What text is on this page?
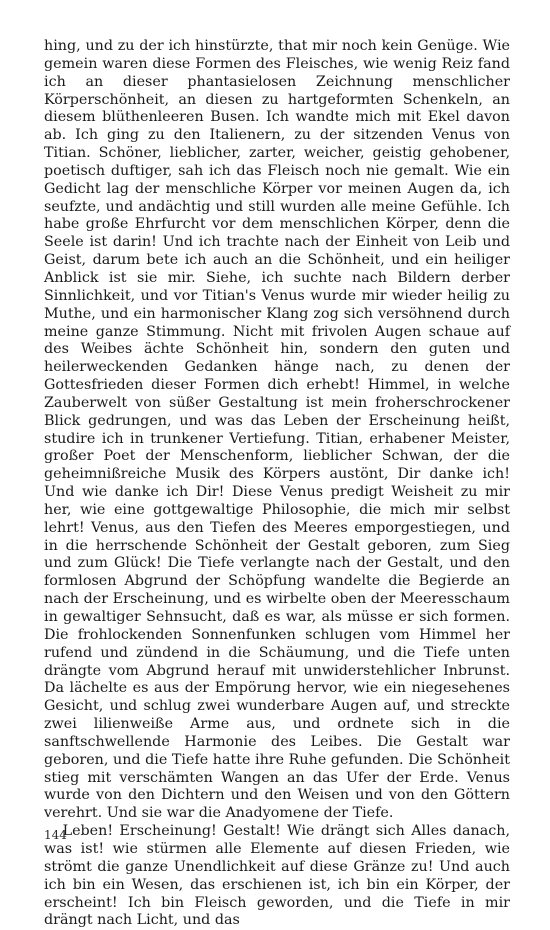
hing, und zu der ich hinstürzte, that mir noch kein Genüge. Wie gemein waren diese Formen des Fleisches, wie wenig Reiz fand ich an dieser phantasielosen Zeichnung menschlicher Körperschönheit, an diesen zu hartgeformten Schenkeln, an diesem blüthenleeren Busen. Ich wandte mich mit Ekel davon ab. Ich ging zu den Italienern, zu der sitzenden Venus von Titian. Schöner, lieblicher, zarter, weicher, geistig gehobener, poetisch duftiger, sah ich das Fleisch noch nie gemalt. Wie ein Gedicht lag der menschliche Körper vor meinen Augen da, ich seufzte, und andächtig und still wurden alle meine Gefühle. Ich habe große Ehrfurcht vor dem menschlichen Körper, denn die Seele ist darin! Und ich trachte nach der Einheit von Leib und Geist, darum bete ich auch an die Schönheit, und ein heiliger Anblick ist sie mir. Siehe, ich suchte nach Bildern derber Sinnlichkeit, und vor Titian's Venus wurde mir wieder heilig zu Muthe, und ein harmonischer Klang zog sich versöhnend durch meine ganze Stimmung. Nicht mit frivolen Augen schaue auf des Weibes ächte Schönheit hin, sondern den guten und heilerweckenden Gedanken hänge nach, zu denen der Gottesfrieden dieser Formen dich erhebt! Himmel, in welche Zauberwelt von süßer Gestaltung ist mein froherschrockener Blick gedrungen, und was das Leben der Erscheinung heißt, studire ich in trunkener Vertiefung. Titian, erhabener Meister, großer Poet der Menschenform, lieblicher Schwan, der die geheimnißreiche Musik des Körpers austönt, Dir danke ich! Und wie danke ich Dir! Diese Venus predigt Weisheit zu mir her, wie eine gottgewaltige Philosophie, die mich mir selbst lehrt! Venus, aus den Tiefen des Meeres emporgestiegen, und in die herrschende Schönheit der Gestalt geboren, zum Sieg und zum Glück! Die Tiefe verlangte nach der Gestalt, und den formlosen Abgrund der Schöpfung wandelte die Begierde an nach der Erscheinung, und es wirbelte oben der Meeresschaum in gewaltiger Sehnsucht, daß es war, als müsse er sich formen. Die frohlockenden Sonnenfunken schlugen vom Himmel her rufend und zündend in die Schäumung, und die Tiefe unten drängte vom Abgrund herauf mit unwiderstehlicher Inbrunst. Da lächelte es aus der Empörung hervor, wie ein niegesehenes Gesicht, und schlug zwei wunderbare Augen auf, und streckte zwei lilienweiße Arme aus, und ordnete sich in die sanftschwellende Harmonie des Leibes. Die Gestalt war geboren, und die Tiefe hatte ihre Ruhe gefunden. Die Schönheit stieg mit verschämten Wangen an das Ufer der Erde. Venus wurde von den Dichtern und den Weisen und von den Göttern verehrt. Und sie war die Anadyomene der Tiefe.

Leben! Erscheinung! Gestalt! Wie drängt sich Alles danach, was ist! wie stürmen alle Elemente auf diesen Frieden, wie strömt die ganze Unendlichkeit auf diese Gränze zu! Und auch ich bin ein Wesen, das erschienen ist, ich bin ein Körper, der erscheint! Ich bin Fleisch geworden, und die Tiefe in mir drängt nach Licht, und das

144
